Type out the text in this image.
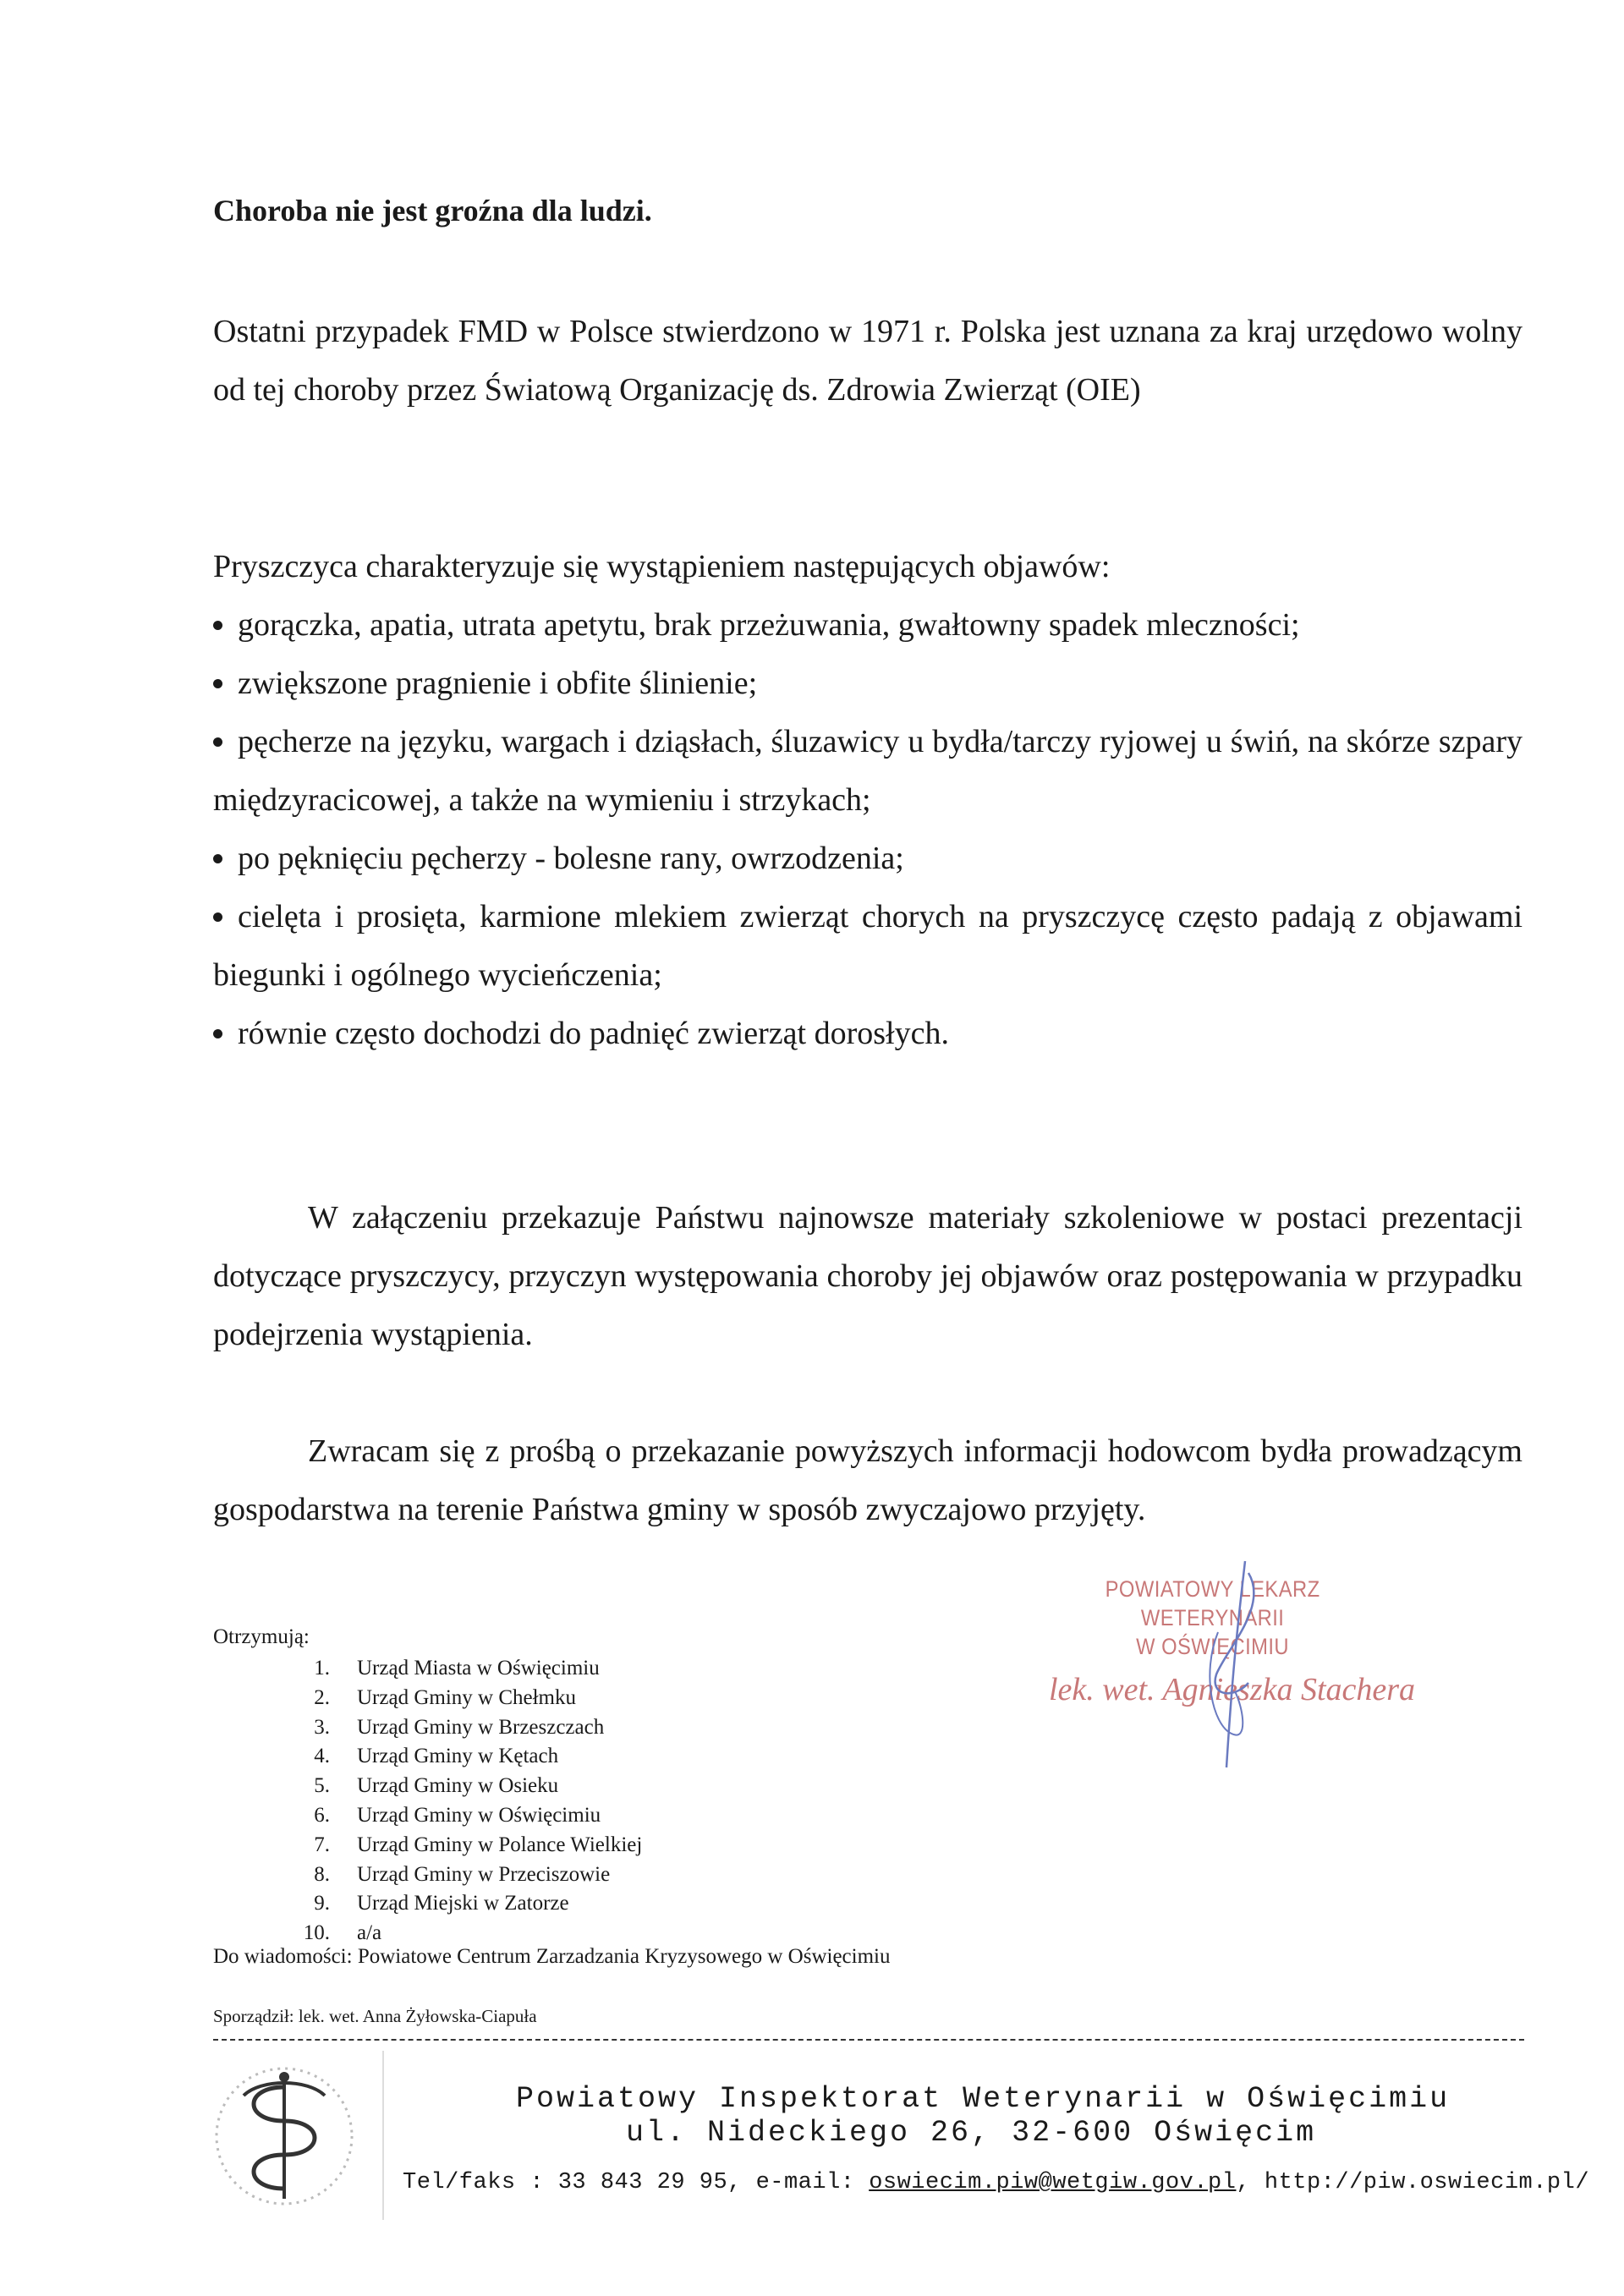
Choroba nie jest groźna dla ludzi.
Ostatni przypadek FMD w Polsce stwierdzono w 1971 r. Polska jest uznana za kraj urzędowo wolny od tej choroby przez Światową Organizację ds. Zdrowia Zwierząt (OIE)
Pryszczyca charakteryzuje się wystąpieniem następujących objawów:
gorączka, apatia, utrata apetytu, brak przeżuwania, gwałtowny spadek mleczności;
zwiększone pragnienie i obfite ślinienie;
pęcherze na języku, wargach i dziąsłach, śluzawicy u bydła/tarczy ryjowej u świń, na skórze szpary międzyracicowej, a także na wymieniu i strzykach;
po pęknięciu pęcherzy - bolesne rany, owrzodzenia;
cielęta i prosięta, karmione mlekiem zwierząt chorych na pryszczycę często padają z objawami biegunki i ogólnego wycieńczenia;
równie często dochodzi do padnięć zwierząt dorosłych.
W załączeniu przekazuje Państwu najnowsze materiały szkoleniowe w postaci prezentacji dotyczące pryszczycy, przyczyn występowania choroby jej objawów oraz postępowania w przypadku podejrzenia wystąpienia.
Zwracam się z prośbą o przekazanie powyższych informacji hodowcom bydła prowadzącym gospodarstwa na terenie Państwa gminy w sposób zwyczajowo przyjęty.
POWIATOWY LEKARZ WETERYNARII
W OŚWIĘCIMIU
lek. wet. Agnieszka Stachera
Otrzymują:
1. Urząd Miasta w Oświęcimiu
2. Urząd Gminy w Chełmku
3. Urząd Gminy w Brzeszczach
4. Urząd Gminy w Kętach
5. Urząd Gminy w Osieku
6. Urząd Gminy w Oświęcimiu
7. Urząd Gminy w Polance Wielkiej
8. Urząd Gminy w Przeciszowie
9. Urząd Miejski w Zatorze
10. a/a
Do wiadomości: Powiatowe Centrum Zarzadzania Kryzysowego w Oświęcimiu
Sporządził: lek. wet. Anna Żyłowska-Ciapuła
Powiatowy Inspektorat Weterynarii w Oświęcimiu
ul. Nideckiego 26, 32-600 Oświęcim
Tel/faks : 33 843 29 95, e-mail: oswiecim.piw@wetgiw.gov.pl, http://piw.oswiecim.pl/
